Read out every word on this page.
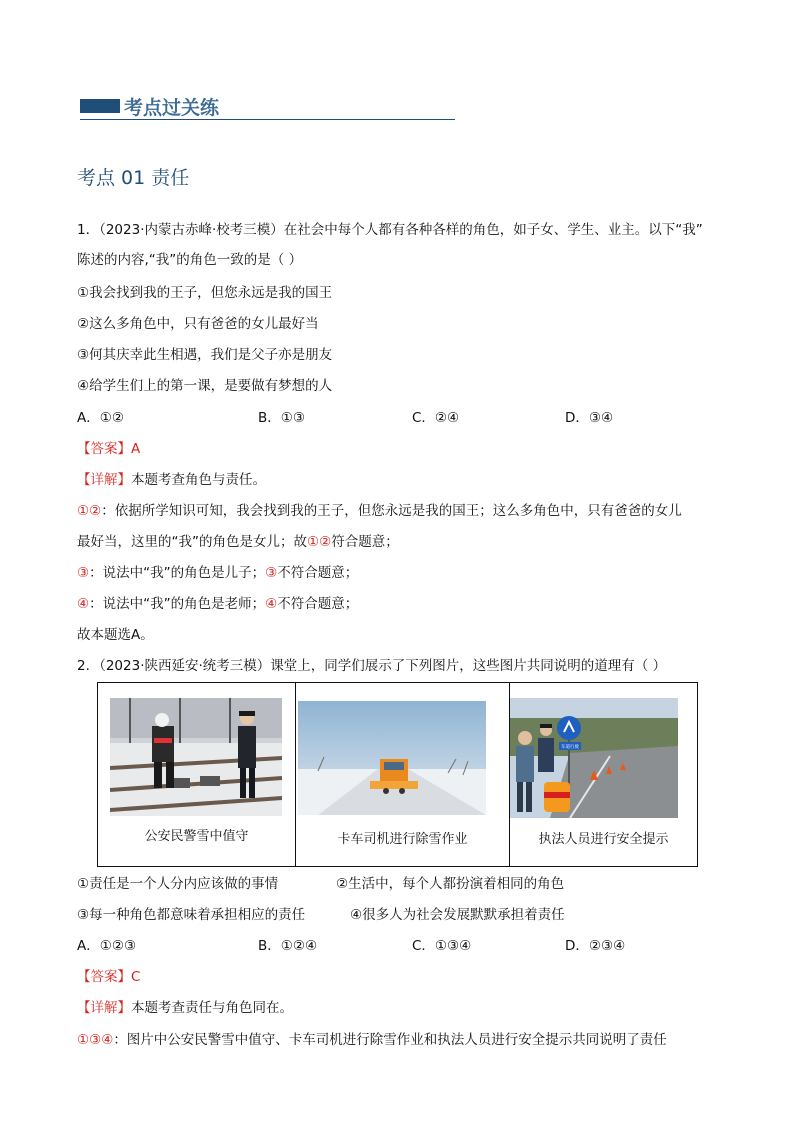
考点过关练
考点 01 责任
1．（2023·内蒙古赤峰·校考三模）在社会中每个人都有各种各样的角色，如子女、学生、业主。以下“我”
陈述的内容,“我”的角色一致的是（ ）
①我会找到我的王子，但您永远是我的国王
②这么多角色中，只有爸爸的女儿最好当
③何其庆幸此生相遇，我们是父子亦是朋友
④给学生们上的第一课，是要做有梦想的人
A．①②	B．①③	C．②④	D．③④
【答案】A
【详解】本题考查角色与责任。
①②：依据所学知识可知，我会找到我的王子，但您永远是我的国王；这么多角色中，只有爸爸的女儿
最好当，这里的“我”的角色是女儿；故①②符合题意；
③：说法中“我”的角色是儿子；③不符合题意；
④：说法中“我”的角色是老师；④不符合题意；
故本题选A。
2．（2023·陕西延安·统考三模）课堂上，同学们展示了下列图片，这些图片共同说明的道理有（ ）
公安民警雪中值守	卡车司机进行除雪作业

车道行驶
执法人员进行安全提示
①责任是一个人分内应该做的事情	②生活中，每个人都扮演着相同的角色
③每一种角色都意味着承担相应的责任	④很多人为社会发展默默承担着责任
A．①②③	B．①②④	C．①③④	D．②③④
【答案】C
【详解】本题考查责任与角色同在。
①③④：图片中公安民警雪中值守、卡车司机进行除雪作业和执法人员进行安全提示共同说明了责任
